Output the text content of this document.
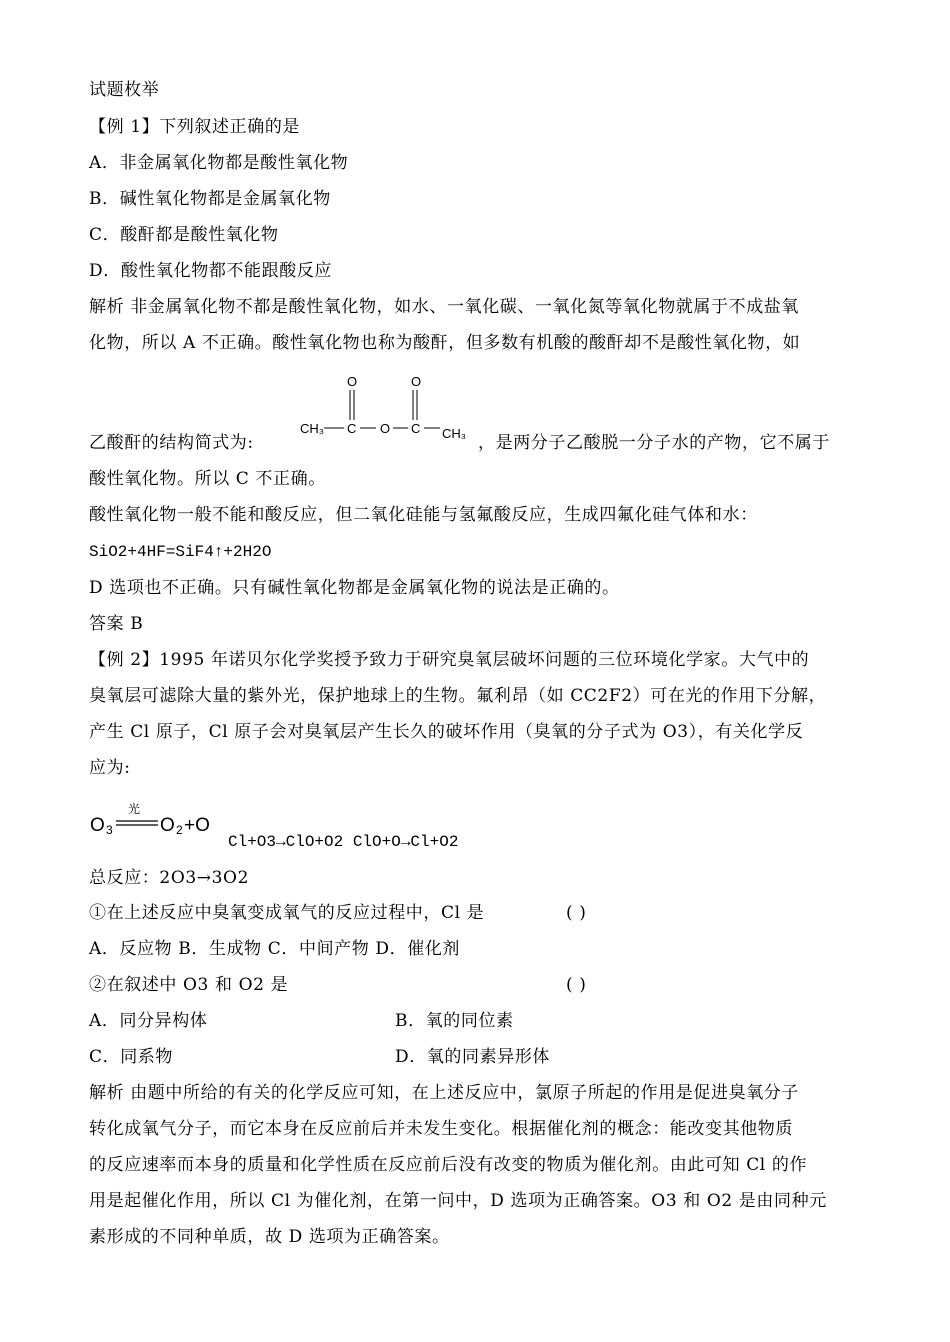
试题枚举
【例 1】下列叙述正确的是
A．非金属氧化物都是酸性氧化物
B．碱性氧化物都是金属氧化物
C．酸酐都是酸性氧化物
D．酸性氧化物都不能跟酸反应
解析 非金属氧化物不都是酸性氧化物，如水、一氧化碳、一氧化氮等氧化物就属于不成盐氧
化物，所以 A 不正确。酸性氧化物也称为酸酐，但多数有机酸的酸酐却不是酸性氧化物，如
乙酸酐的结构简式为:
O	O
CH₃ C O C CH₃ ，是两分子乙酸脱一分子水的产物，它不属于
酸性氧化物。所以 C 不正确。
酸性氧化物一般不能和酸反应，但二氧化硅能与氢氟酸反应，生成四氟化硅气体和水：
SiO2+4HF=SiF4↑+2H2O
D 选项也不正确。只有碱性氧化物都是金属氧化物的说法是正确的。
答案 B
【例 2】1995 年诺贝尔化学奖授予致力于研究臭氧层破坏问题的三位环境化学家。大气中的
臭氧层可滤除大量的紫外光，保护地球上的生物。氟利昂（如 CC2F2）可在光的作用下分解，
产生 Cl 原子，Cl 原子会对臭氧层产生长久的破坏作用（臭氧的分子式为 O3），有关化学反
应为:
O 3
光
O 2 +O
Cl+O3→ClO+O2 ClO+O→Cl+O2
总反应：2O3→3O2
①在上述反应中臭氧变成氧气的反应过程中，Cl 是	( )
A．反应物 B．生成物 C．中间产物 D．催化剂
②在叙述中 O3 和 O2 是	( )
A．同分异构体	B．氧的同位素
C．同系物	D．氧的同素异形体
解析 由题中所给的有关的化学反应可知，在上述反应中，氯原子所起的作用是促进臭氧分子
转化成氧气分子，而它本身在反应前后并未发生变化。根据催化剂的概念：能改变其他物质
的反应速率而本身的质量和化学性质在反应前后没有改变的物质为催化剂。由此可知 Cl 的作
用是起催化作用，所以 Cl 为催化剂，在第一问中，D 选项为正确答案。O3 和 O2 是由同种元
素形成的不同种单质，故 D 选项为正确答案。
